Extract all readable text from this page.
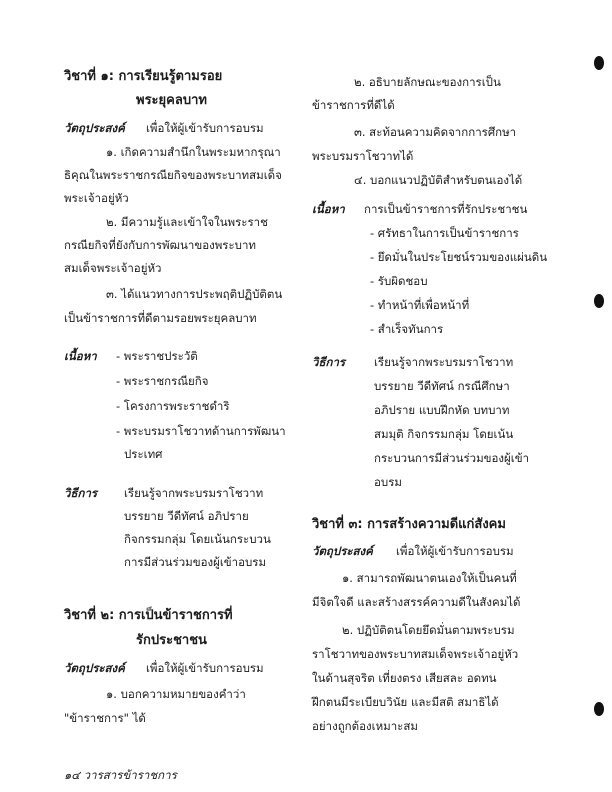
วิชาที่ ๑: การเรียนรู้ตามรอย
พระยุคลบาท
วัตถุประสงค์ เพื่อให้ผู้เข้ารับการอบรม
๑. เกิดความสำนึกในพระมหากรุณา
ธิคุณในพระราชกรณียกิจของพระบาทสมเด็จ
พระเจ้าอยู่หัว
๒. มีความรู้และเข้าใจในพระราช
กรณียกิจที่ยังกับการพัฒนาของพระบาท
สมเด็จพระเจ้าอยู่หัว
๓. ได้แนวทางการประพฤติปฏิบัติตน
เป็นข้าราชการที่ดีตามรอยพระยุคลบาท
เนื้อหา - พระราชประวัติ
- พระราชกรณียกิจ
- โครงการพระราชดำริ
- พระบรมราโชวาทด้านการพัฒนา
ประเทศ
วิธีการ เรียนรู้จากพระบรมราโชวาท
บรรยาย วีดีทัศน์ อภิปราย
กิจกรรมกลุ่ม โดยเน้นกระบวน
การมีส่วนร่วมของผู้เข้าอบรม
วิชาที่ ๒: การเป็นข้าราชการที่
รักประชาชน
วัตถุประสงค์ เพื่อให้ผู้เข้ารับการอบรม
๑. บอกความหมายของคำว่า
"ข้าราชการ" ได้
๑๔ วารสารข้าราชการ
๒. อธิบายลักษณะของการเป็น
ข้าราชการที่ดีได้
๓. สะท้อนความคิดจากการศึกษา
พระบรมราโชวาทได้
๔. บอกแนวปฏิบัติสำหรับตนเองได้
เนื้อหา การเป็นข้าราชการที่รักประชาชน
- ศรัทธาในการเป็นข้าราชการ
- ยึดมั่นในประโยชน์รวมของแผ่นดิน
- รับผิดชอบ
- ทำหน้าที่เพื่อหน้าที่
- สำเร็จทันการ
วิธีการ	เรียนรู้จากพระบรมราโชวาท
บรรยาย วีดีทัศน์ กรณีศึกษา
อภิปราย แบบฝึกหัด บทบาท
สมมุติ กิจกรรมกลุ่ม โดยเน้น
กระบวนการมีส่วนร่วมของผู้เข้า
อบรม
วิชาที่ ๓: การสร้างความดีแก่สังคม
วัตถุประสงค์ เพื่อให้ผู้เข้ารับการอบรม
๑. สามารถพัฒนาตนเองให้เป็นคนที่
มีจิตใจดี และสร้างสรรค์ความดีในสังคมได้
๒. ปฏิบัติตนโดยยึดมั่นตามพระบรม
ราโชวาทของพระบาทสมเด็จพระเจ้าอยู่หัว
ในด้านสุจริต เที่ยงตรง เสียสละ อดทน
ฝึกตนมีระเบียบวินัย และมีสติ สมาธิได้
อย่างถูกต้องเหมาะสม
